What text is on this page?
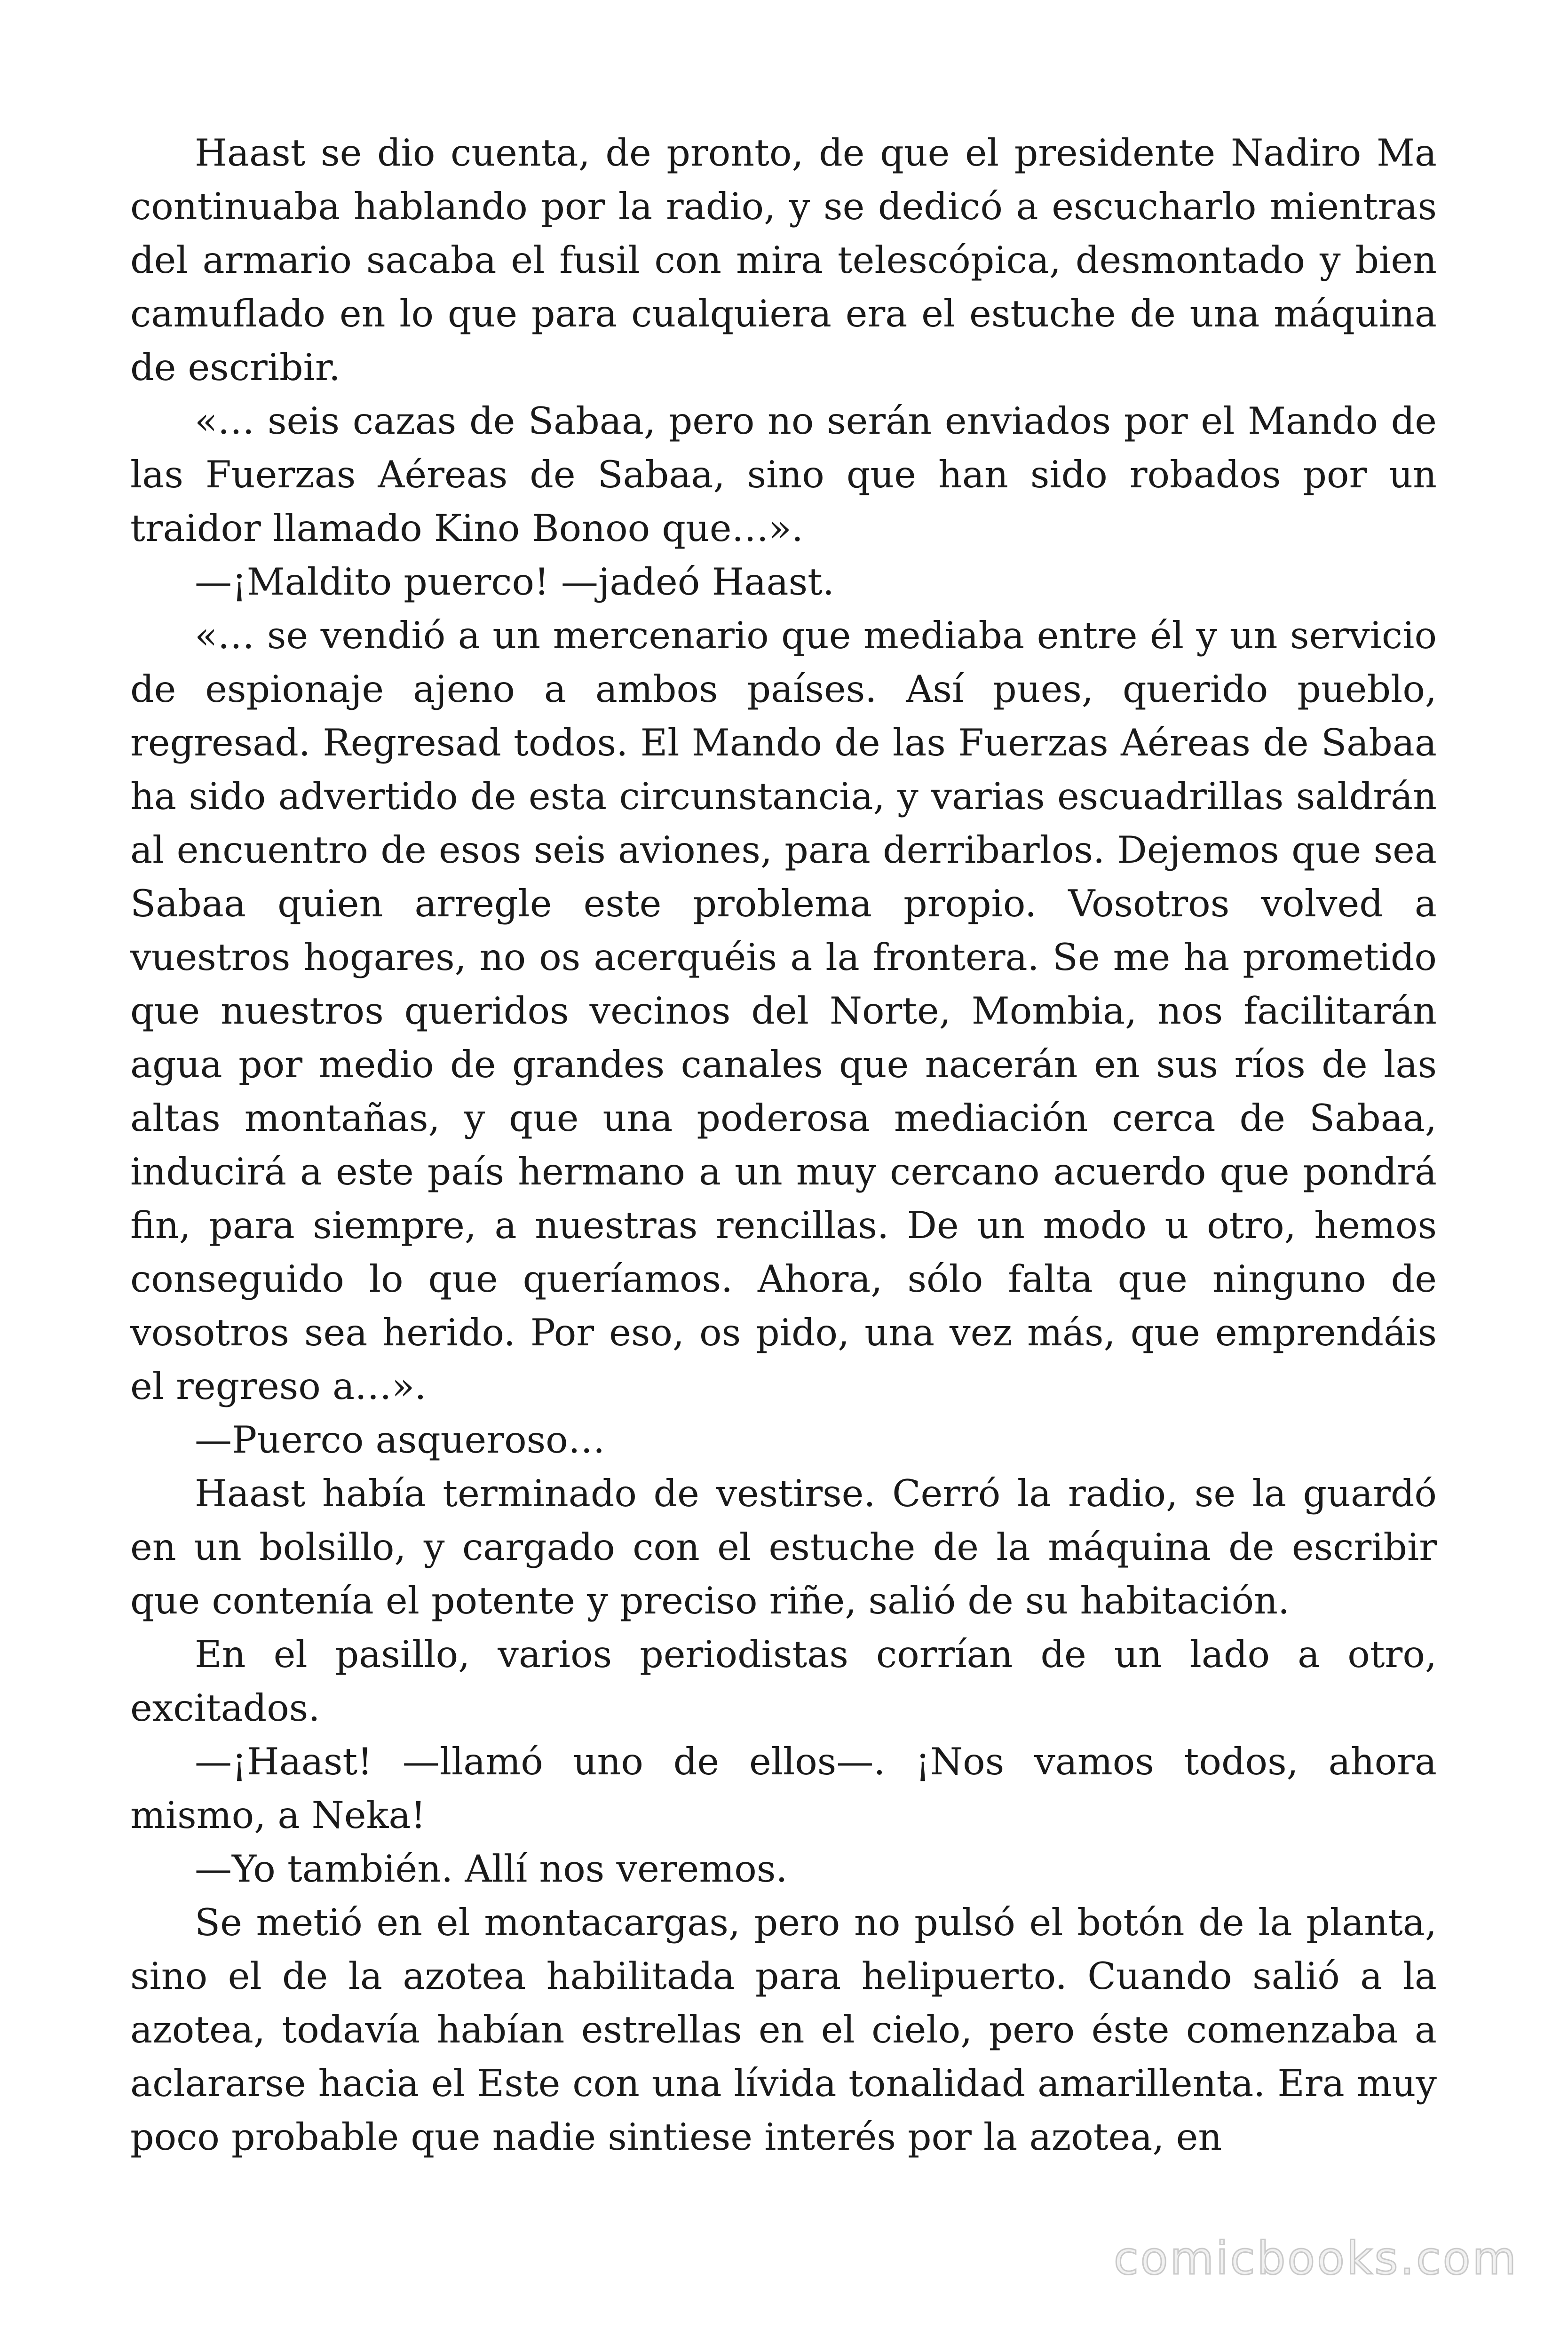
Haast se dio cuenta, de pronto, de que el presidente Nadiro Ma continuaba hablando por la radio, y se dedicó a escucharlo mientras del armario sacaba el fusil con mira telescópica, desmontado y bien camuflado en lo que para cualquiera era el estuche de una máquina de escribir.

«… seis cazas de Sabaa, pero no serán enviados por el Mando de las Fuerzas Aéreas de Sabaa, sino que han sido robados por un traidor llamado Kino Bonoo que…».

—¡Maldito puerco! —jadeó Haast.

«… se vendió a un mercenario que mediaba entre él y un servicio de espionaje ajeno a ambos países. Así pues, querido pueblo, regresad. Regresad todos. El Mando de las Fuerzas Aéreas de Sabaa ha sido advertido de esta circunstancia, y varias escuadrillas saldrán al encuentro de esos seis aviones, para derribarlos. Dejemos que sea Sabaa quien arregle este problema propio. Vosotros volved a vuestros hogares, no os acerquéis a la frontera. Se me ha prometido que nuestros queridos vecinos del Norte, Mombia, nos facilitarán agua por medio de grandes canales que nacerán en sus ríos de las altas montañas, y que una poderosa mediación cerca de Sabaa, inducirá a este país hermano a un muy cercano acuerdo que pondrá fin, para siempre, a nuestras rencillas. De un modo u otro, hemos conseguido lo que queríamos. Ahora, sólo falta que ninguno de vosotros sea herido. Por eso, os pido, una vez más, que emprendáis el regreso a…».

—Puerco asqueroso…

Haast había terminado de vestirse. Cerró la radio, se la guardó en un bolsillo, y cargado con el estuche de la máquina de escribir que contenía el potente y preciso riñe, salió de su habitación.

En el pasillo, varios periodistas corrían de un lado a otro, excitados.

—¡Haast! —llamó uno de ellos—. ¡Nos vamos todos, ahora mismo, a Neka!

—Yo también. Allí nos veremos.

Se metió en el montacargas, pero no pulsó el botón de la planta, sino el de la azotea habilitada para helipuerto. Cuando salió a la azotea, todavía habían estrellas en el cielo, pero éste comenzaba a aclararse hacia el Este con una lívida tonalidad amarillenta. Era muy poco probable que nadie sintiese interés por la azotea, en

comicbooks.com
